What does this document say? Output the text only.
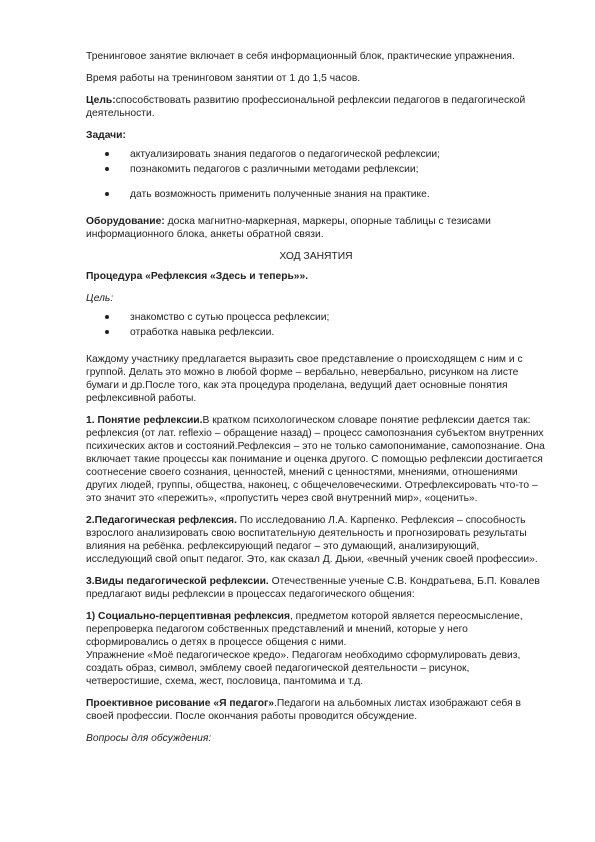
Тренинговое занятие включает в себя информационный блок, практические упражнения.

Время работы на тренинговом занятии от 1 до 1,5 часов.

Цель:способствовать развитию профессиональной рефлексии педагогов в педагогической деятельности.

Задачи:

актуализировать знания педагогов о педагогической рефлексии;
познакомить педагогов с различными методами рефлексии;
дать возможность применить полученные знания на практике.

Оборудование: доска магнитно-маркерная, маркеры, опорные таблицы с тезисами информационного блока, анкеты обратной связи.

ХОД ЗАНЯТИЯ

Процедура «Рефлексия «Здесь и теперь»».

Цель:

знакомство с сутью процесса рефлексии;
отработка навыка рефлексии.

Каждому участнику предлагается выразить свое представление о происходящем с ним и с группой. Делать это можно в любой форме – вербально, невербально, рисунком на листе бумаги и др.После того, как эта процедура проделана, ведущий дает основные понятия рефлексивной работы.

1. Понятие рефлексии.В кратком психологическом словаре понятие рефлексии дается так: рефлексия (от лат. reflexio – обращение назад) – процесс самопознания субъектом внутренних психических актов и состояний.Рефлексия – это не только самопонимание, самопознание. Она включает такие процессы как понимание и оценка другого. С помощью рефлексии достигается соотнесение своего сознания, ценностей, мнений с ценностями, мнениями, отношениями других людей, группы, общества, наконец, с общечеловеческими. Отрефлексировать что-то – это значит это «пережить», «пропустить через свой внутренний мир», «оценить».

2.Педагогическая рефлексия. По исследованию Л.А. Карпенко. Рефлексия – способность взрослого анализировать свою воспитательную деятельность и прогнозировать результаты влияния на ребёнка. рефлексирующий педагог – это думающий, анализирующий, исследующий свой опыт педагог. Это, как сказал Д. Дьюи, «вечный ученик своей профессии».

3.Виды педагогической рефлексии. Отечественные ученые С.В. Кондратьева, Б.П. Ковалев предлагают виды рефлексии в процессах педагогического общения:

1) Социально-перцептивная рефлексия, предметом которой является переосмысление, перепроверка педагогом собственных представлений и мнений, которые у него сформировались о детях в процессе общения с ними.
Упражнение «Моё педагогическое кредо». Педагогам необходимо сформулировать девиз, создать образ, символ, эмблему своей педагогической деятельности – рисунок, четверостишие, схема, жест, пословица, пантомима и т.д.

Проективное рисование «Я педагог».Педагоги на альбомных листах изображают себя в своей профессии. После окончания работы проводится обсуждение.

Вопросы для обсуждения:
